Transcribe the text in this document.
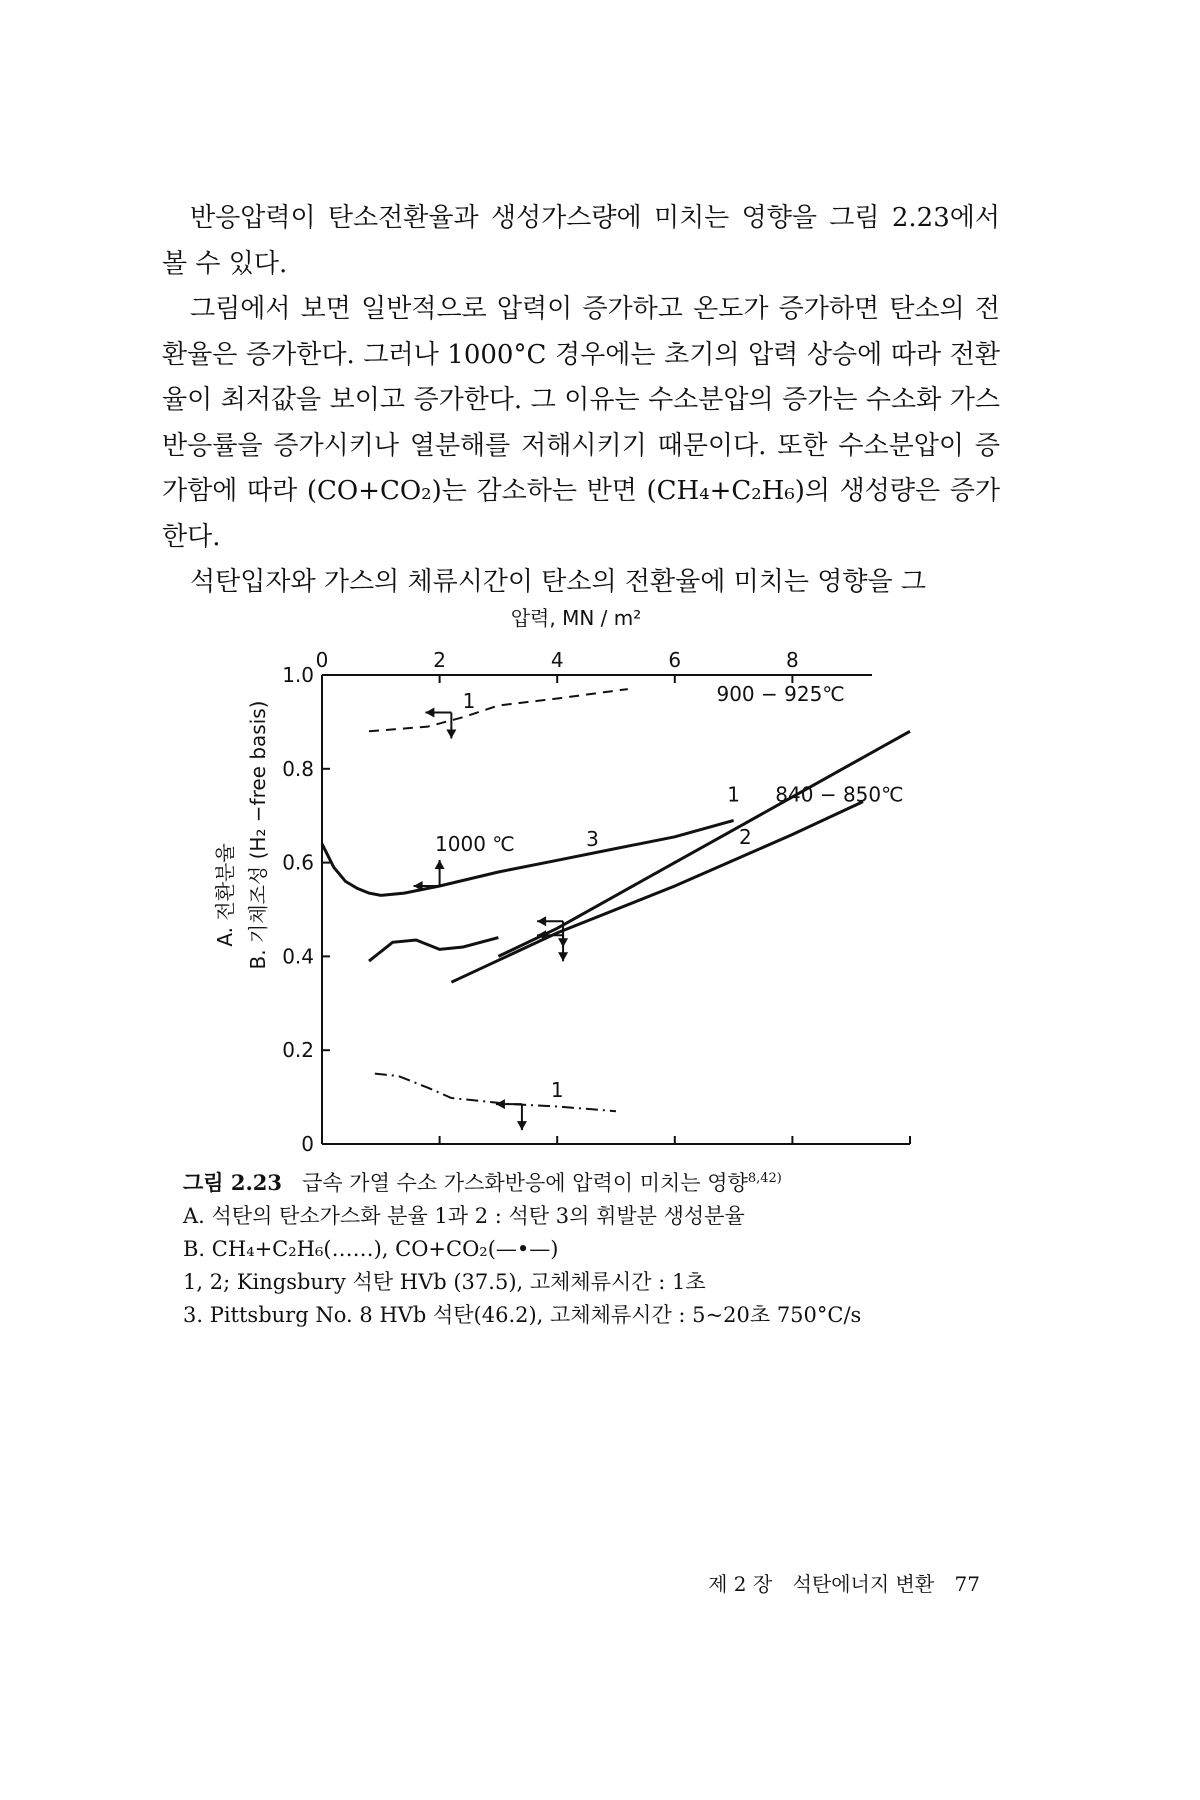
반응압력이 탄소전환율과 생성가스량에 미치는 영향을 그림 2.23에서 볼 수 있다.

그림에서 보면 일반적으로 압력이 증가하고 온도가 증가하면 탄소의 전환율은 증가한다. 그러나 1000°C 경우에는 초기의 압력 상승에 따라 전환율이 최저값을 보이고 증가한다. 그 이유는 수소분압의 증가는 수소화 가스반응률을 증가시키나 열분해를 저해시키기 때문이다. 또한 수소분압이 증가함에 따라 (CO+CO₂)는 감소하는 반면 (CH₄+C₂H₆)의 생성량은 증가한다.

석탄입자와 가스의 체류시간이 탄소의 전환율에 미치는 영향을 그

0
0.2
0.4
0.6
0.8
1.0
0	2	4	6	8
압력, MN / m²
A. 전환분율 B. 기체조성 (H₂ −free basis)	1
900 − 925℃
2
840 − 850℃
3
1000 ℃
1
1
그림 2.23 급속 가열 수소 가스화반응에 압력이 미치는 영향$^{8,42)}$
A. 석탄의 탄소가스화 분율 1과 2 : 석탄 3의 휘발분 생성분율
B. CH₄+C₂H₆(……), CO+CO₂(—•—)
1, 2; Kingsbury 석탄 HVb (37.5), 고체체류시간 : 1초
3. Pittsburg No. 8 HVb 석탄(46.2), 고체체류시간 : 5~20초 750°C/s
제 2 장 석탄에너지 변환 77
